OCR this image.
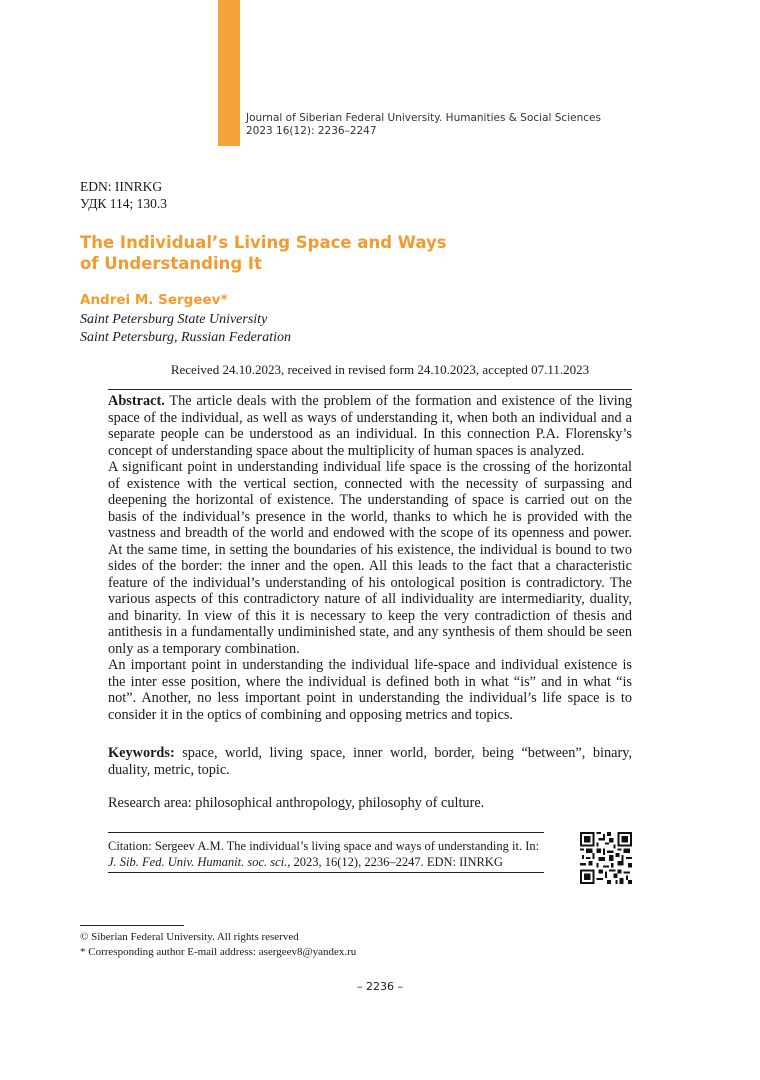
Journal of Siberian Federal University. Humanities & Social Sciences
2023 16(12): 2236–2247
EDN: IINRKG
УДК 114; 130.3
The Individual’s Living Space and Ways
of Understanding It
Andrei M. Sergeev*
Saint Petersburg State University
Saint Petersburg, Russian Federation
Received 24.10.2023, received in revised form 24.10.2023, accepted 07.11.2023

Abstract. The article deals with the problem of the formation and existence of the living space of the individual, as well as ways of understanding it, when both an individual and a separate people can be understood as an individual. In this connection P.A. Florensky’s concept of understanding space about the multiplicity of human spaces is analyzed.

A significant point in understanding individual life space is the crossing of the horizontal of existence with the vertical section, connected with the necessity of surpassing and deepening the horizontal of existence. The understanding of space is carried out on the basis of the individual’s presence in the world, thanks to which he is provided with the vastness and breadth of the world and endowed with the scope of its openness and power. At the same time, in setting the boundaries of his existence, the individual is bound to two sides of the border: the inner and the open. All this leads to the fact that a characteristic feature of the individual’s understanding of his ontological position is contradictory. The various aspects of this contradictory nature of all individuality are intermediarity, duality, and binarity. In view of this it is necessary to keep the very contradiction of thesis and antithesis in a fundamentally undiminished state, and any synthesis of them should be seen only as a temporary combination.

An important point in understanding the individual life-space and individual existence is the inter esse position, where the individual is defined both in what “is” and in what “is not”. Another, no less important point in understanding the individual’s life space is to consider it in the optics of combining and opposing metrics and topics.

Keywords: space, world, living space, inner world, border, being “between”, binary, duality, metric, topic.
Research area: philosophical anthropology, philosophy of culture.
Citation: Sergeev A.M. The individual’s living space and ways of understanding it. In:
J. Sib. Fed. Univ. Humanit. soc. sci., 2023, 16(12), 2236–2247. EDN: IINRKG
© Siberian Federal University. All rights reserved
* Corresponding author E-mail address: asergeev8@yandex.ru
– 2236 –
